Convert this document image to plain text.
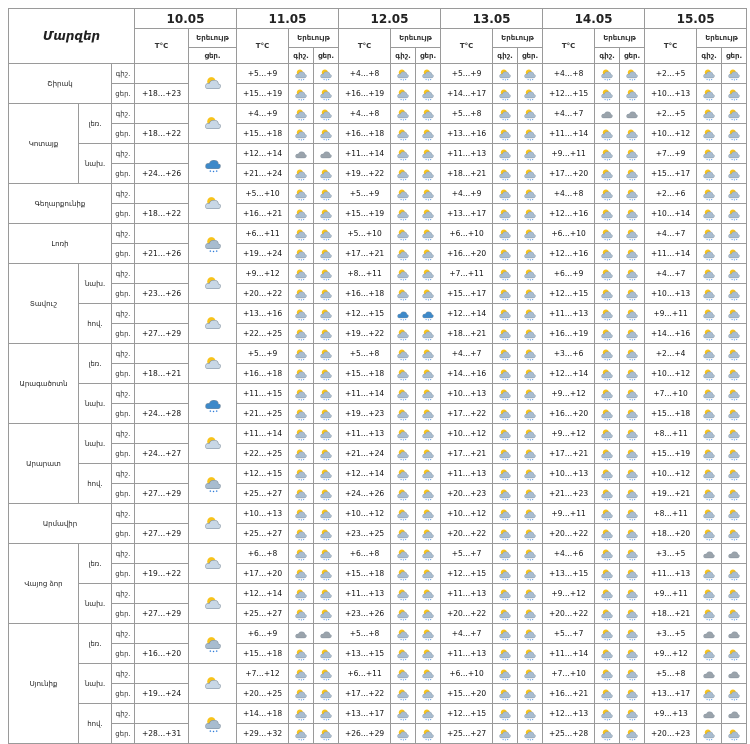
Մարզեր			10.05		11.05			12.05			13.05			14.05			15.05		
			T°C	Երեւույթ	T°C	Երեւույթ		T°C	Երեւույթ		T°C	Երեւույթ		T°C	Երեւույթ		T°C	Երեւույթ	
				ցեր.		գիշ.	ցեր.		գիշ.	ցեր.		գիշ.	ցեր.		գիշ.	ցեր.		գիշ.	ցեր.
Շիրակ		գիշ.			+5…+9			+4…+8			+5…+9			+4…+8			+2…+5	

		ցեր.	+18…+23		+15…+19			+16…+19			+14…+17			+12…+15			+10…+13	

Կոտայք	լեռ.	գիշ.			+4…+9			+4…+8			+5…+8			+4…+7			+2…+5	

		ցեր.	+18…+22		+15…+18			+16…+18			+13…+16			+11…+14			+10…+12	

	նախ.	գիշ.			+12…+14			+11…+14			+11…+13			+9…+11			+7…+9	

		ցեր.	+24…+26		+21…+24			+19…+22			+18…+21			+17…+20			+15…+17	

Գեղարքունիք		գիշ.			+5…+10			+5…+9			+4…+9			+4…+8			+2…+6	

		ցեր.	+18…+22		+16…+21			+15…+19			+13…+17			+12…+16			+10…+14	

Լոռի		գիշ.			+6…+11			+5…+10			+6…+10			+6…+10			+4…+7	

		ցեր.	+21…+26		+19…+24			+17…+21			+16…+20			+12…+16			+11…+14	

Տավուշ	նախ.	գիշ.			+9…+12			+8…+11			+7…+11			+6…+9			+4…+7	

		ցեր.	+23…+26		+20…+22			+16…+18			+15…+17			+12…+15			+10…+13	

	հով.	գիշ.			+13…+16			+12…+15			+12…+14			+11…+13			+9…+11	

		ցեր.	+27…+29		+22…+25			+19…+22			+18…+21			+16…+19			+14…+16	

Արագածոտն	լեռ.	գիշ.			+5…+9			+5…+8			+4…+7			+3…+6			+2…+4	

		ցեր.	+18…+21		+16…+18			+15…+18			+14…+16			+12…+14			+10…+12	

	նախ.	գիշ.			+11…+15			+11…+14			+10…+13			+9…+12			+7…+10	

		ցեր.	+24…+28		+21…+25			+19…+23			+17…+22			+16…+20			+15…+18	

Արարատ	նախ.	գիշ.			+11…+14			+11…+13			+10…+12			+9…+12			+8…+11	

		ցեր.	+24…+27		+22…+25			+21…+24			+17…+21			+17…+21			+15…+19	

	հով.	գիշ.			+12…+15			+12…+14			+11…+13			+10…+13			+10…+12	

		ցեր.	+27…+29		+25…+27			+24…+26			+20…+23			+21…+23			+19…+21	

Արմավիր		գիշ.			+10…+13			+10…+12			+10…+12			+9…+11			+8…+11	

		ցեր.	+27…+29		+25…+27			+23…+25			+20…+22			+20…+22			+18…+20	

Վայոց ձոր	լեռ.	գիշ.			+6…+8			+6…+8			+5…+7			+4…+6			+3…+5	

		ցեր.	+19…+22		+17…+20			+15…+18			+12…+15			+13…+15			+11…+13	

	նախ.	գիշ.			+12…+14			+11…+13			+11…+13			+9…+12			+9…+11	

		ցեր.	+27…+29		+25…+27			+23…+26			+20…+22			+20…+22			+18…+21	

Սյունիք	լեռ.	գիշ.			+6…+9			+5…+8			+4…+7			+5…+7			+3…+5	

		ցեր.	+16…+20		+15…+18			+13…+15			+11…+13			+11…+14			+9…+12	

	նախ.	գիշ.			+7…+12			+6…+11			+6…+10			+7…+10			+5…+8	

		ցեր.	+19…+24		+20…+25			+17…+22			+15…+20			+16…+21			+13…+17	

	հով.	գիշ.			+14…+18			+13…+17			+12…+15			+12…+13			+9…+13	

		ցեր.	+28…+31		+29…+32			+26…+29			+25…+27			+25…+28			+20…+23	
